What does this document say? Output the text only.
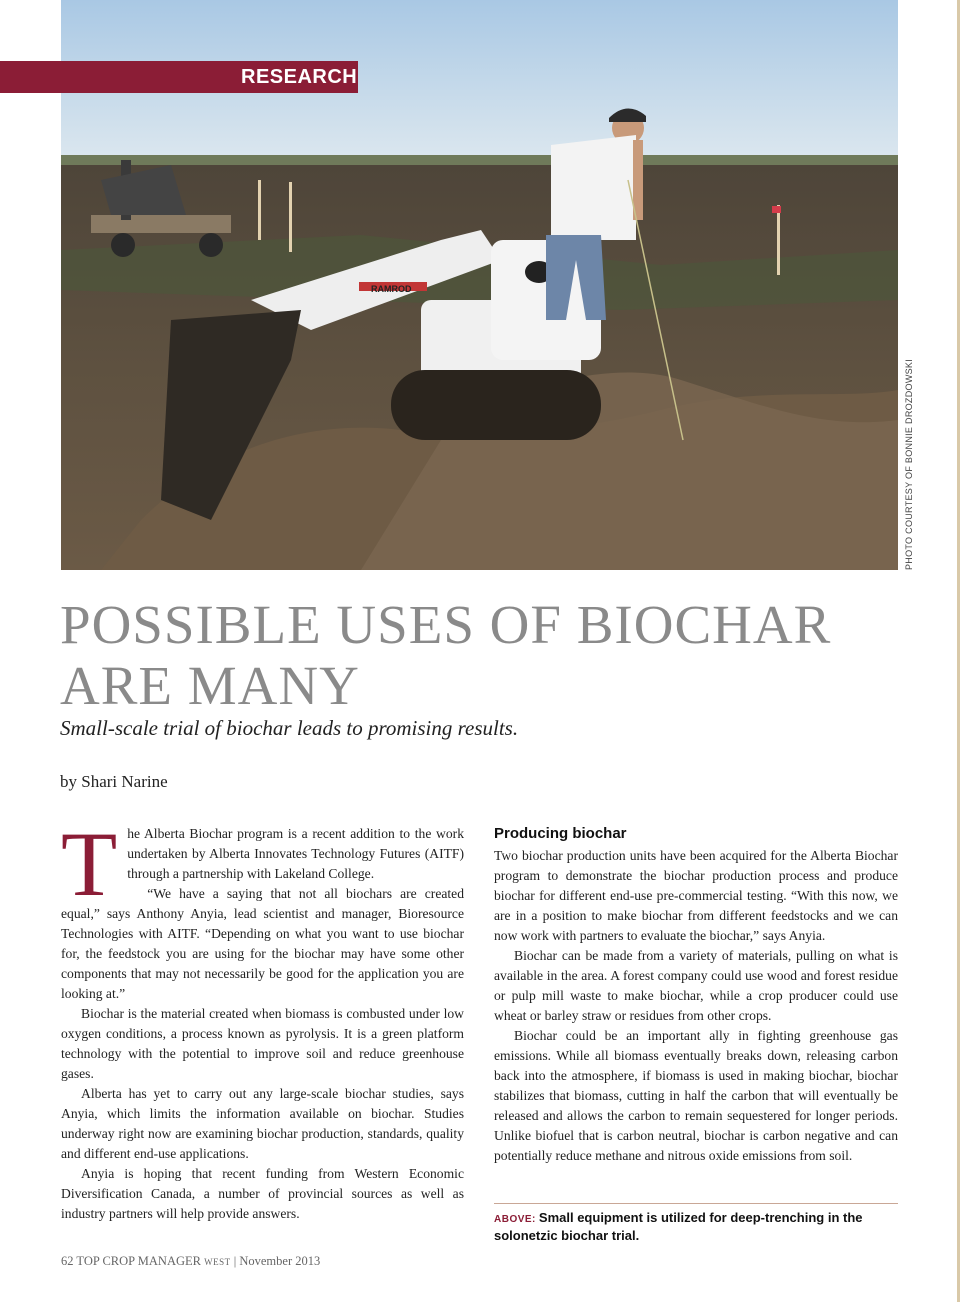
RAMROD
RESEARCH
PHOTO COURTESY OF BONNIE DROZDOWSKI
POSSIBLE USES OF BIOCHAR
ARE MANY

Small-scale trial of biochar leads to promising results.

by Shari Narine

The Alberta Biochar program is a recent addition to the work undertaken by Alberta Innovates Technology Futures (AITF) through a partnership with Lakeland College.

“We have a saying that not all biochars are created equal,” says Anthony Anyia, lead scientist and manager, Bioresource Technologies with AITF. “Depending on what you want to use biochar for, the feedstock you are using for the biochar may have some other components that may not necessarily be good for the application you are looking at.”

Biochar is the material created when biomass is combusted under low oxygen conditions, a process known as pyrolysis. It is a green platform technology with the potential to improve soil and reduce greenhouse gases.

Alberta has yet to carry out any large-scale biochar studies, says Anyia, which limits the information available on biochar. Studies underway right now are examining biochar production, standards, quality and different end-use applications.

Anyia is hoping that recent funding from Western Economic Diversification Canada, a number of provincial sources as well as industry partners will help provide answers.

Producing biochar

Two biochar production units have been acquired for the Alberta Biochar program to demonstrate the biochar production process and produce biochar for different end-use pre-commercial testing. “With this now, we are in a position to make biochar from different feedstocks and we can now work with partners to evaluate the biochar,” says Anyia.

Biochar can be made from a variety of materials, pulling on what is available in the area. A forest company could use wood and forest residue or pulp mill waste to make biochar, while a crop producer could use wheat or barley straw or residues from other crops.

Biochar could be an important ally in fighting greenhouse gas emissions. While all biomass eventually breaks down, releasing carbon back into the atmosphere, if biomass is used in making biochar, biochar stabilizes that biomass, cutting in half the carbon that will eventually be released and allows the carbon to remain sequestered for longer periods. Unlike biofuel that is carbon neutral, biochar is carbon negative and can potentially reduce methane and nitrous oxide emissions from soil.

ABOVE: Small equipment is utilized for deep-trenching in the solonetzic biochar trial.
62 TOP CROP MANAGER WEST | November 2013
